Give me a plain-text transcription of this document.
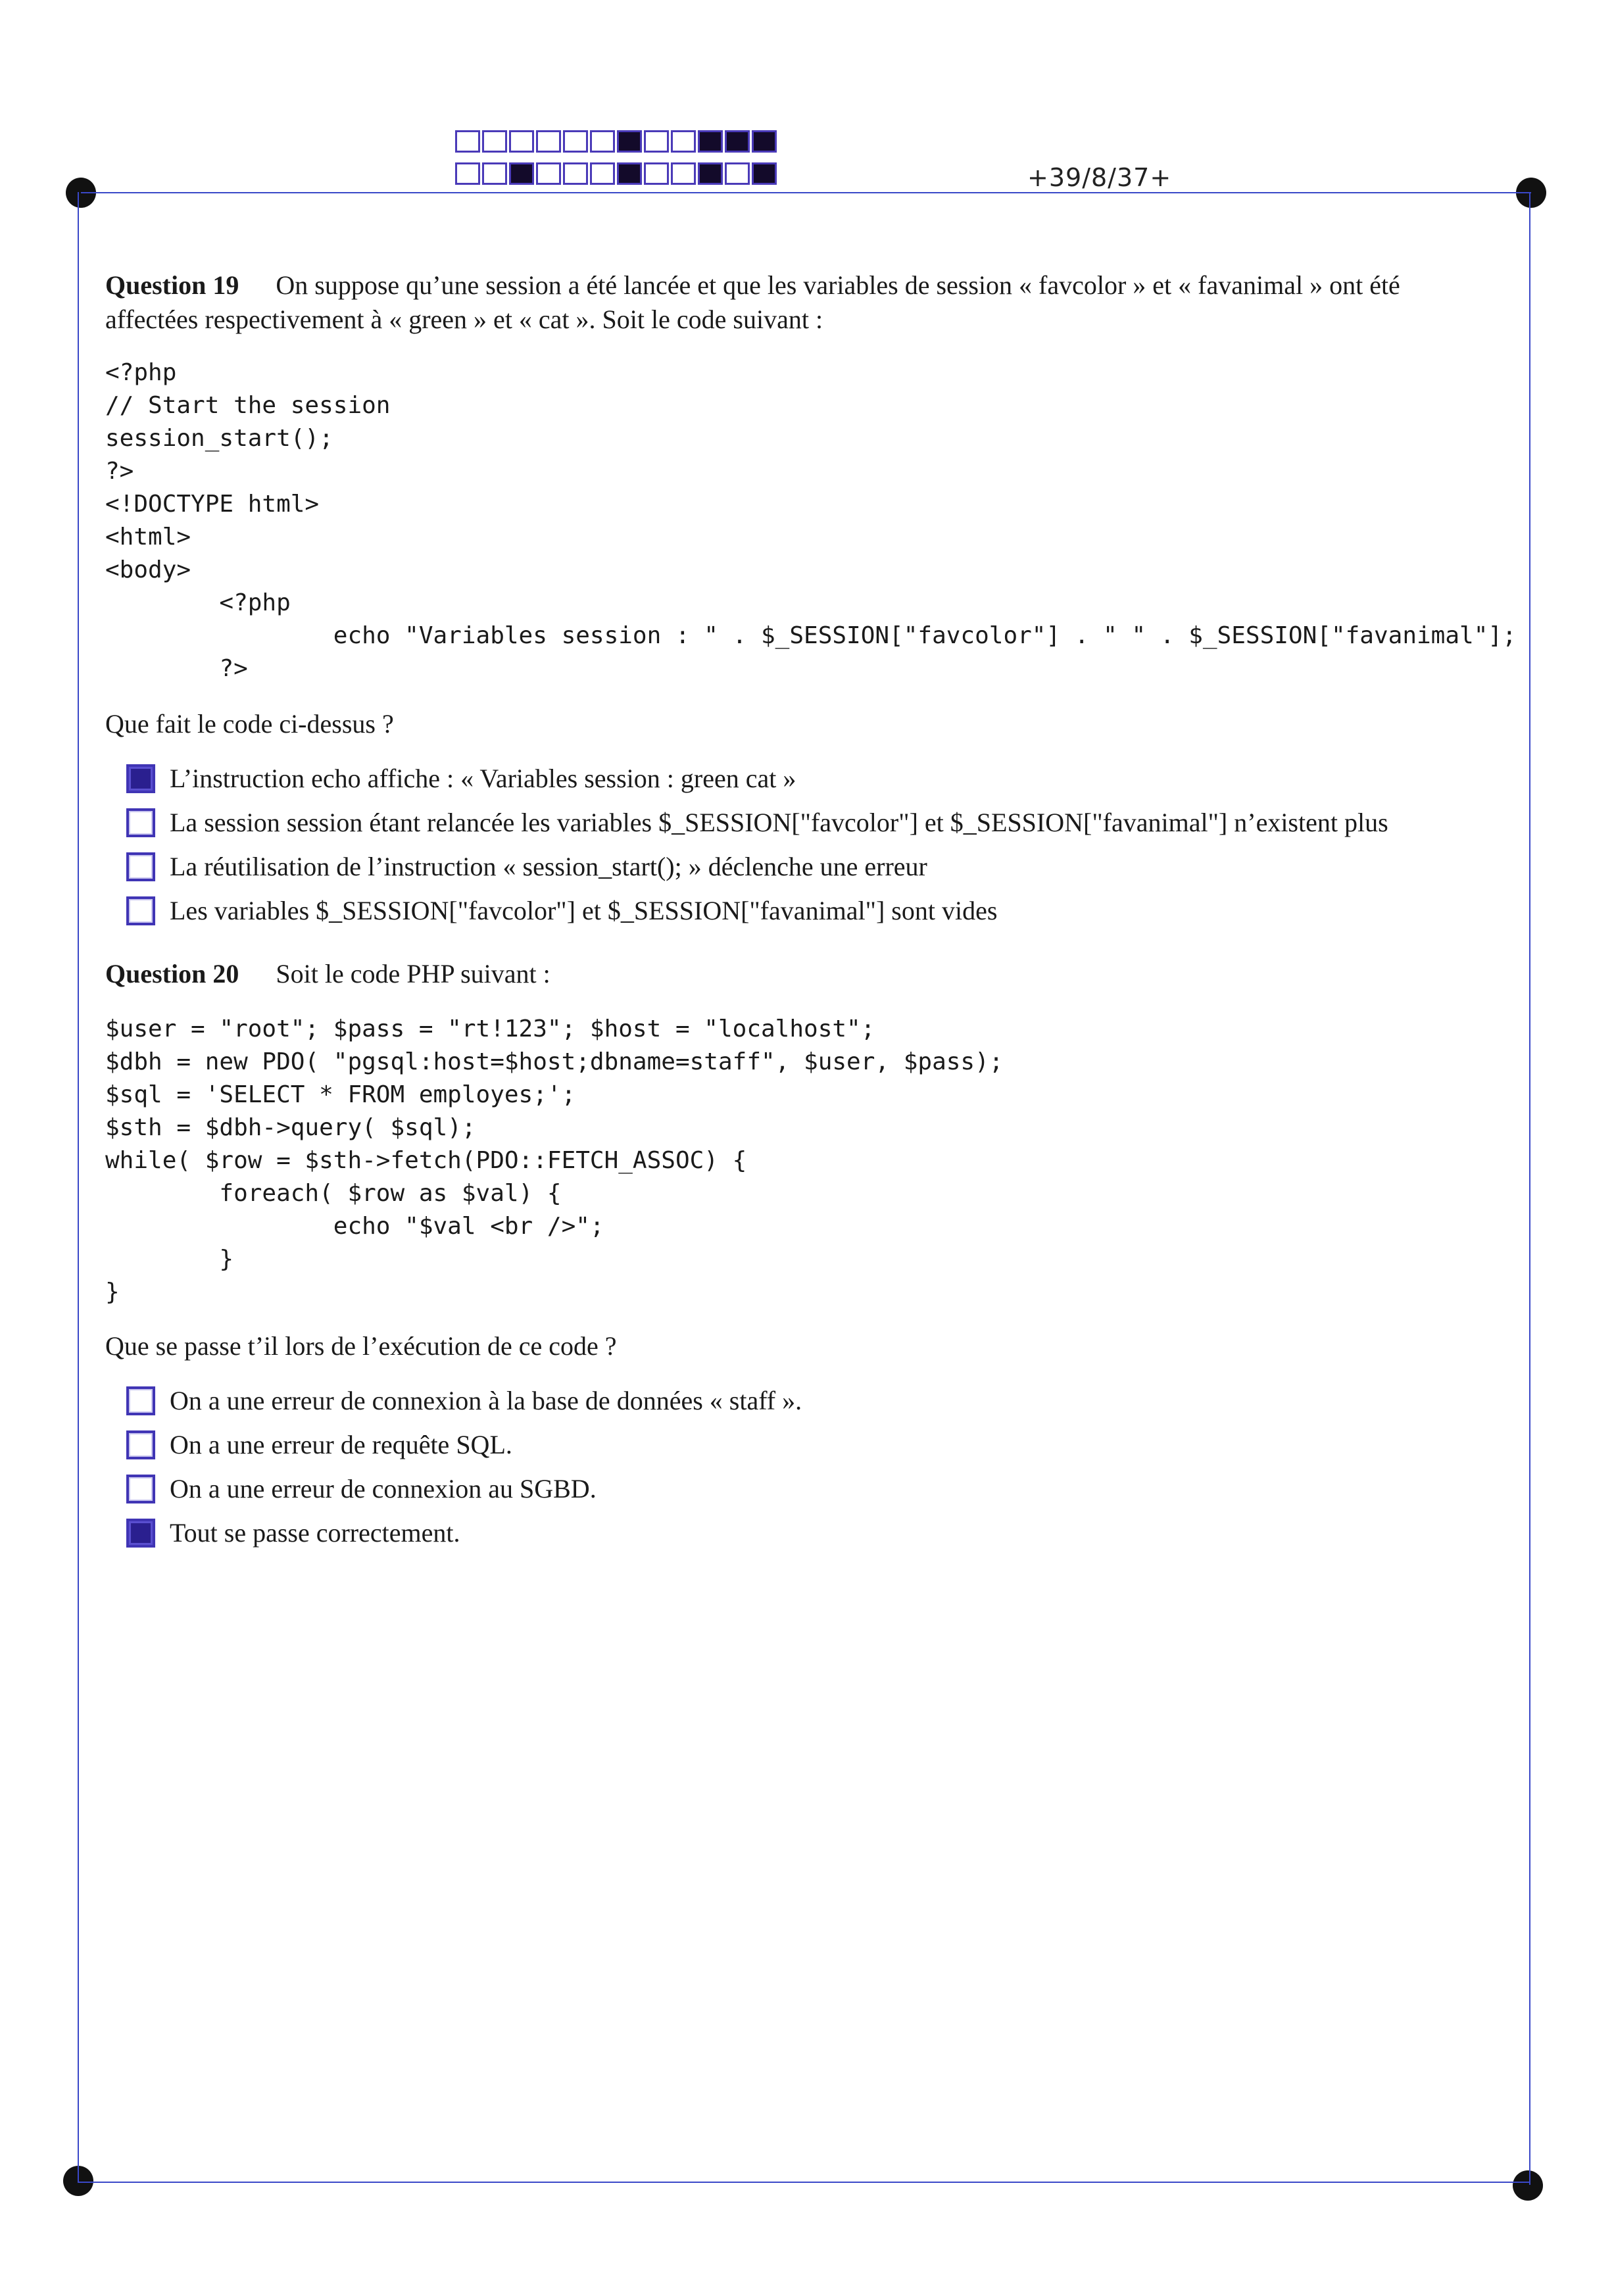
+39/8/37+
Question 19 On suppose qu’une session a été lancée et que les variables de session « favcolor » et « favanimal » ont été
affectées respectivement à « green » et « cat ». Soit le code suivant :
<?php
// Start the session
session_start();
?>
<!DOCTYPE html>
<html>
<body>
<?php
echo "Variables session : " . $_SESSION["favcolor"] . " " . $_SESSION["favanimal"];
?>
Que fait le code ci-dessus ?
L’instruction echo affiche : « Variables session : green cat »
La session session étant relancée les variables $_SESSION["favcolor"] et $_SESSION["favanimal"] n’existent plus
La réutilisation de l’instruction « session_start(); » déclenche une erreur
Les variables $_SESSION["favcolor"] et $_SESSION["favanimal"] sont vides
Question 20 Soit le code PHP suivant :
$user = "root"; $pass = "rt!123"; $host = "localhost";
$dbh = new PDO( "pgsql:host=$host;dbname=staff", $user, $pass);
$sql = 'SELECT * FROM employes;';
$sth = $dbh->query( $sql);
while( $row = $sth->fetch(PDO::FETCH_ASSOC) {
foreach( $row as $val) {
echo "$val <br />";
}
}
Que se passe t’il lors de l’exécution de ce code ?
On a une erreur de connexion à la base de données « staff ».
On a une erreur de requête SQL.
On a une erreur de connexion au SGBD.
Tout se passe correctement.
